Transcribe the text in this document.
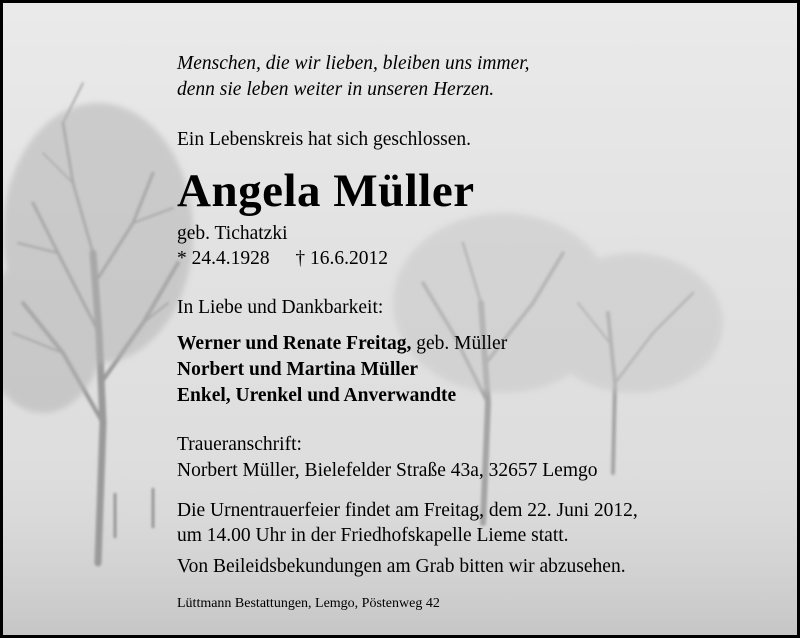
Menschen, die wir lieben, bleiben uns immer,
denn sie leben weiter in unseren Herzen.
Ein Lebenskreis hat sich geschlossen.
Angela Müller
geb. Tichatzki
* 24.4.1928 † 16.6.2012
In Liebe und Dankbarkeit:
Werner und Renate Freitag, geb. Müller
Norbert und Martina Müller
Enkel, Urenkel und Anverwandte
Traueranschrift:
Norbert Müller, Bielefelder Straße 43a, 32657 Lemgo
Die Urnentrauerfeier findet am Freitag, dem 22. Juni 2012,
um 14.00 Uhr in der Friedhofskapelle Lieme statt.
Von Beileidsbekundungen am Grab bitten wir abzusehen.
Lüttmann Bestattungen, Lemgo, Pöstenweg 42
